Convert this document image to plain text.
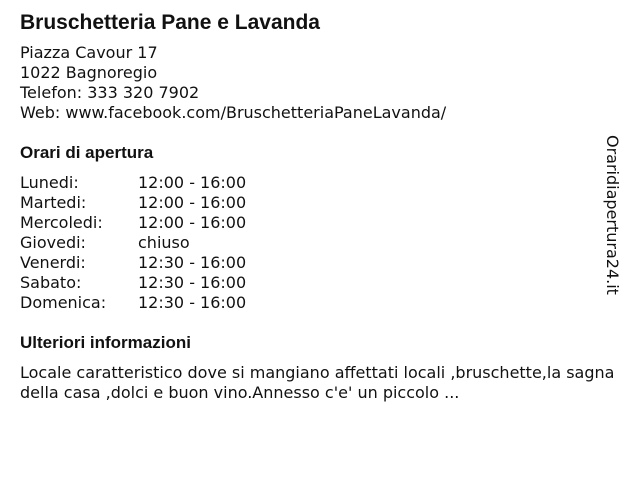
Bruschetteria Pane e Lavanda
Piazza Cavour 17
1022 Bagnoregio
Telefon: 333 320 7902
Web: www.facebook.com/BruschetteriaPaneLavanda/
Orari di apertura
Lunedi:	12:00 - 16:00
Martedi:	12:00 - 16:00
Mercoledi:	12:00 - 16:00
Giovedi:	chiuso
Venerdi:	12:30 - 16:00
Sabato:	12:30 - 16:00
Domenica:	12:30 - 16:00
Ulteriori informazioni
Locale caratteristico dove si mangiano affettati locali ,bruschette,la sagna della casa ,dolci e buon vino.Annesso c'e' un piccolo ...
Oraridiapertura24.it
